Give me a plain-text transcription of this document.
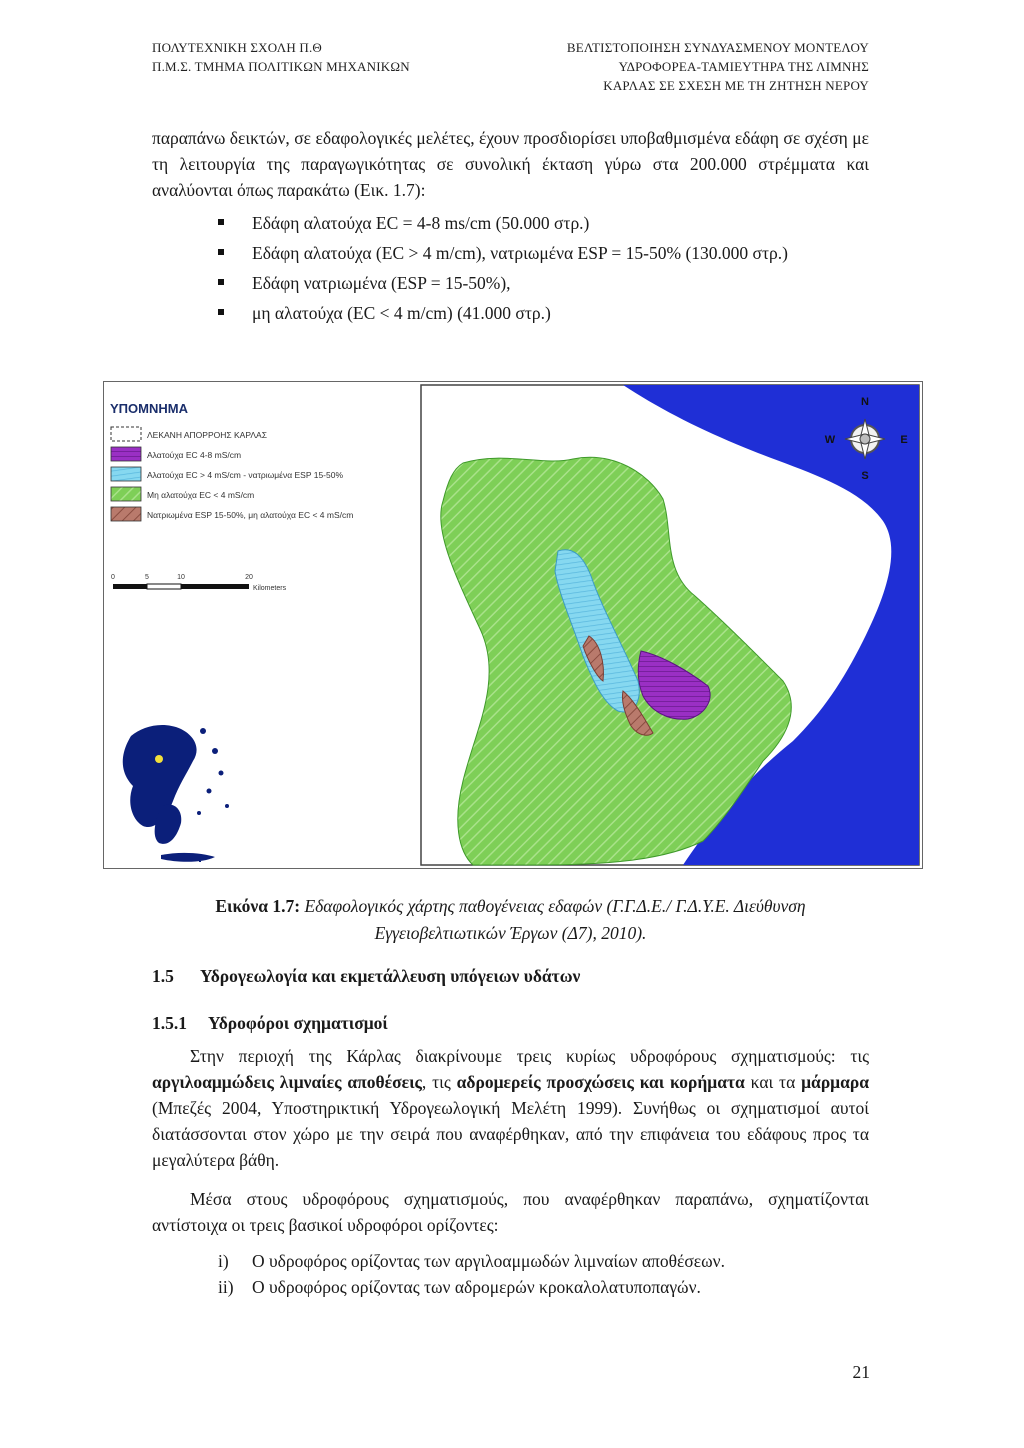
ΠΟΛΥΤΕΧΝΙΚΗ ΣΧΟΛΗ Π.Θ
Π.Μ.Σ. ΤΜΗΜΑ ΠΟΛΙΤΙΚΩΝ ΜΗΧΑΝΙΚΩΝ
ΒΕΛΤΙΣΤΟΠΟΙΗΣΗ ΣΥΝΔΥΑΣΜΕΝΟΥ ΜΟΝΤΕΛΟΥ
ΥΔΡΟΦΟΡΕΑ-ΤΑΜΙΕΥΤΗΡΑ ΤΗΣ ΛΙΜΝΗΣ
ΚΑΡΛΑΣ ΣΕ ΣΧΕΣΗ ΜΕ ΤΗ ΖΗΤΗΣΗ ΝΕΡΟΥ
παραπάνω δεικτών, σε εδαφολογικές μελέτες, έχουν προσδιορίσει υποβαθμισμένα εδάφη σε σχέση με τη λειτουργία της παραγωγικότητας σε συνολική έκταση γύρω στα 200.000 στρέμματα και αναλύονται όπως παρακάτω (Εικ. 1.7):
Εδάφη αλατούχα EC = 4-8 ms/cm (50.000 στρ.)
Εδάφη αλατούχα (EC > 4 m/cm), νατριωμένα ESP = 15-50% (130.000 στρ.)
Εδάφη νατριωμένα (ESP = 15-50%),
μη αλατούχα (EC < 4 m/cm) (41.000 στρ.)
N
S
E
W
ΥΠΟΜΝΗΜΑ
ΛΕΚΑΝΗ ΑΠΟΡΡΟΗΣ ΚΑΡΛΑΣ
Αλατούχα EC 4-8 mS/cm
Αλατούχα EC > 4 mS/cm - νατριωμένα ESP 15-50%
Μη αλατούχα EC < 4 mS/cm
Νατριωμένα ESP 15-50%, μη αλατούχα EC < 4 mS/cm
0	5	10	20
Kilometers
Εικόνα 1.7: Εδαφολογικός χάρτης παθογένειας εδαφών (Γ.Γ.Δ.Ε./ Γ.Δ.Υ.Ε. Διεύθυνση Εγγειοβελτιωτικών Έργων (Δ7), 2010).
1.5 Υδρογεωλογία και εκμετάλλευση υπόγειων υδάτων
1.5.1 Υδροφόροι σχηματισμοί
Στην περιοχή της Κάρλας διακρίνουμε τρεις κυρίως υδροφόρους σχηματισμούς: τις αργιλοαμμώδεις λιμναίες αποθέσεις, τις αδρομερείς προσχώσεις και κορήματα και τα μάρμαρα (Μπεζές 2004, Υποστηρικτική Υδρογεωλογική Μελέτη 1999). Συνήθως οι σχηματισμοί αυτοί διατάσσονται στον χώρο με την σειρά που αναφέρθηκαν, από την επιφάνεια του εδάφους προς τα μεγαλύτερα βάθη.
Μέσα στους υδροφόρους σχηματισμούς, που αναφέρθηκαν παραπάνω, σχηματίζονται αντίστοιχα οι τρεις βασικοί υδροφόροι ορίζοντες:
i) Ο υδροφόρος ορίζοντας των αργιλοαμμωδών λιμναίων αποθέσεων.
ii) Ο υδροφόρος ορίζοντας των αδρομερών κροκαλολατυποπαγών.
21
